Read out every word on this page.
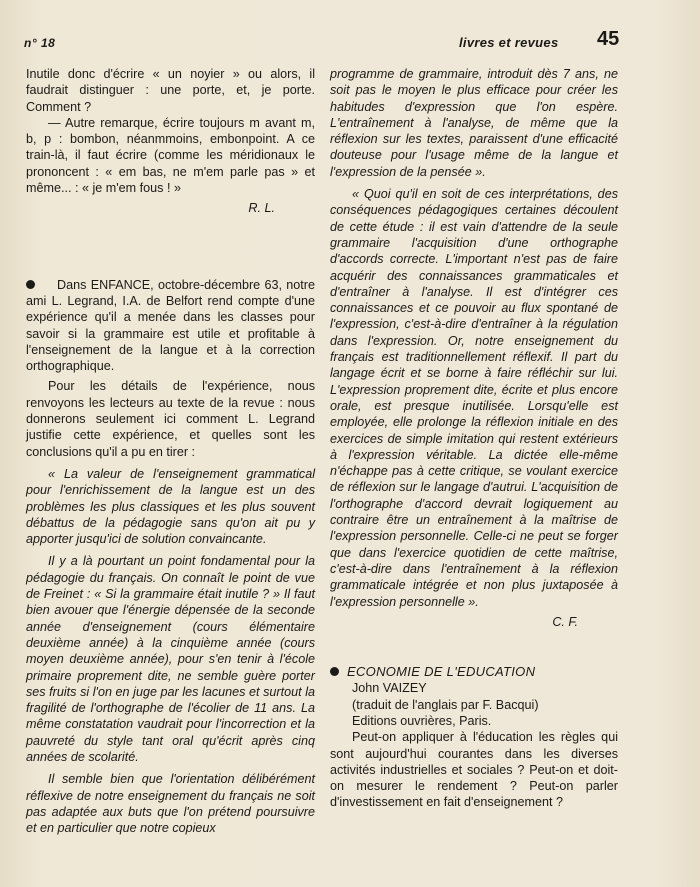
n° 18	livres et revues 45

Inutile donc d'écrire « un noyier » ou alors, il faudrait distinguer : une porte, et, je porte. Comment ?

— Autre remarque, écrire toujours m avant m, b, p : bombon, néanmmoins, embonpoint. A ce train-là, il faut écrire (comme les méridionaux le prononcent : « em bas, ne m'em parle pas » et même... : « je m'em fous ! »

R. L.

Dans ENFANCE, octobre-décembre 63, notre ami L. Legrand, I.A. de Belfort rend compte d'une expérience qu'il a menée dans les classes pour savoir si la grammaire est utile et profitable à l'enseignement de la langue et à la correction orthographique.

Pour les détails de l'expérience, nous renvoyons les lecteurs au texte de la revue : nous donnerons seulement ici comment L. Legrand justifie cette expérience, et quelles sont les conclusions qu'il a pu en tirer :

« La valeur de l'enseignement grammatical pour l'enrichissement de la langue est un des problèmes les plus classiques et les plus souvent débattus de la pédagogie sans qu'on ait pu y apporter jusqu'ici de solution convaincante.

Il y a là pourtant un point fondamental pour la pédagogie du français. On connaît le point de vue de Freinet : « Si la grammaire était inutile ? » Il faut bien avouer que l'énergie dépensée de la seconde année d'enseignement (cours élémentaire deuxième année) à la cinquième année (cours moyen deuxième année), pour s'en tenir à l'école primaire proprement dite, ne semble guère porter ses fruits si l'on en juge par les lacunes et surtout la fragilité de l'orthographe de l'écolier de 11 ans. La même constatation vaudrait pour l'incorrection et la pauvreté du style tant oral qu'écrit après cinq années de scolarité.

Il semble bien que l'orientation délibérément réflexive de notre enseignement du français ne soit pas adaptée aux buts que l'on prétend poursuivre et en particulier que notre copieux

programme de grammaire, introduit dès 7 ans, ne soit pas le moyen le plus efficace pour créer les habitudes d'expression que l'on espère. L'entraînement à l'analyse, de même que la réflexion sur les textes, paraissent d'une efficacité douteuse pour l'usage même de la langue et l'expression de la pensée ».

« Quoi qu'il en soit de ces interprétations, des conséquences pédagogiques certaines découlent de cette étude : il est vain d'attendre de la seule grammaire l'acquisition d'une orthographe d'accords correcte. L'important n'est pas de faire acquérir des connaissances grammaticales et d'entraîner à l'analyse. Il est d'intégrer ces connaissances et ce pouvoir au flux spontané de l'expression, c'est-à-dire d'entraîner à la régulation dans l'expression. Or, notre enseignement du français est traditionnellement réflexif. Il part du langage écrit et se borne à faire réfléchir sur lui. L'expression proprement dite, écrite et plus encore orale, est presque inutilisée. Lorsqu'elle est employée, elle prolonge la réflexion initiale en des exercices de simple imitation qui restent extérieurs à l'expression véritable. La dictée elle-même n'échappe pas à cette critique, se voulant exercice de réflexion sur le langage d'autrui. L'acquisition de l'orthographe d'accord devrait logiquement au contraire être un entraînement à la maîtrise de l'expression personnelle. Celle-ci ne peut se forger que dans l'exercice quotidien de cette maîtrise, c'est-à-dire dans l'entraînement à la réflexion grammaticale intégrée et non plus juxtaposée à l'expression personnelle ».

C. F.

ECONOMIE DE L'EDUCATION

John VAIZEY

(traduit de l'anglais par F. Bacqui)

Editions ouvrières, Paris.

Peut-on appliquer à l'éducation les règles qui sont aujourd'hui courantes dans les diverses activités industrielles et sociales ? Peut-on et doit-on mesurer le rendement ? Peut-on parler d'investissement en fait d'enseignement ?
